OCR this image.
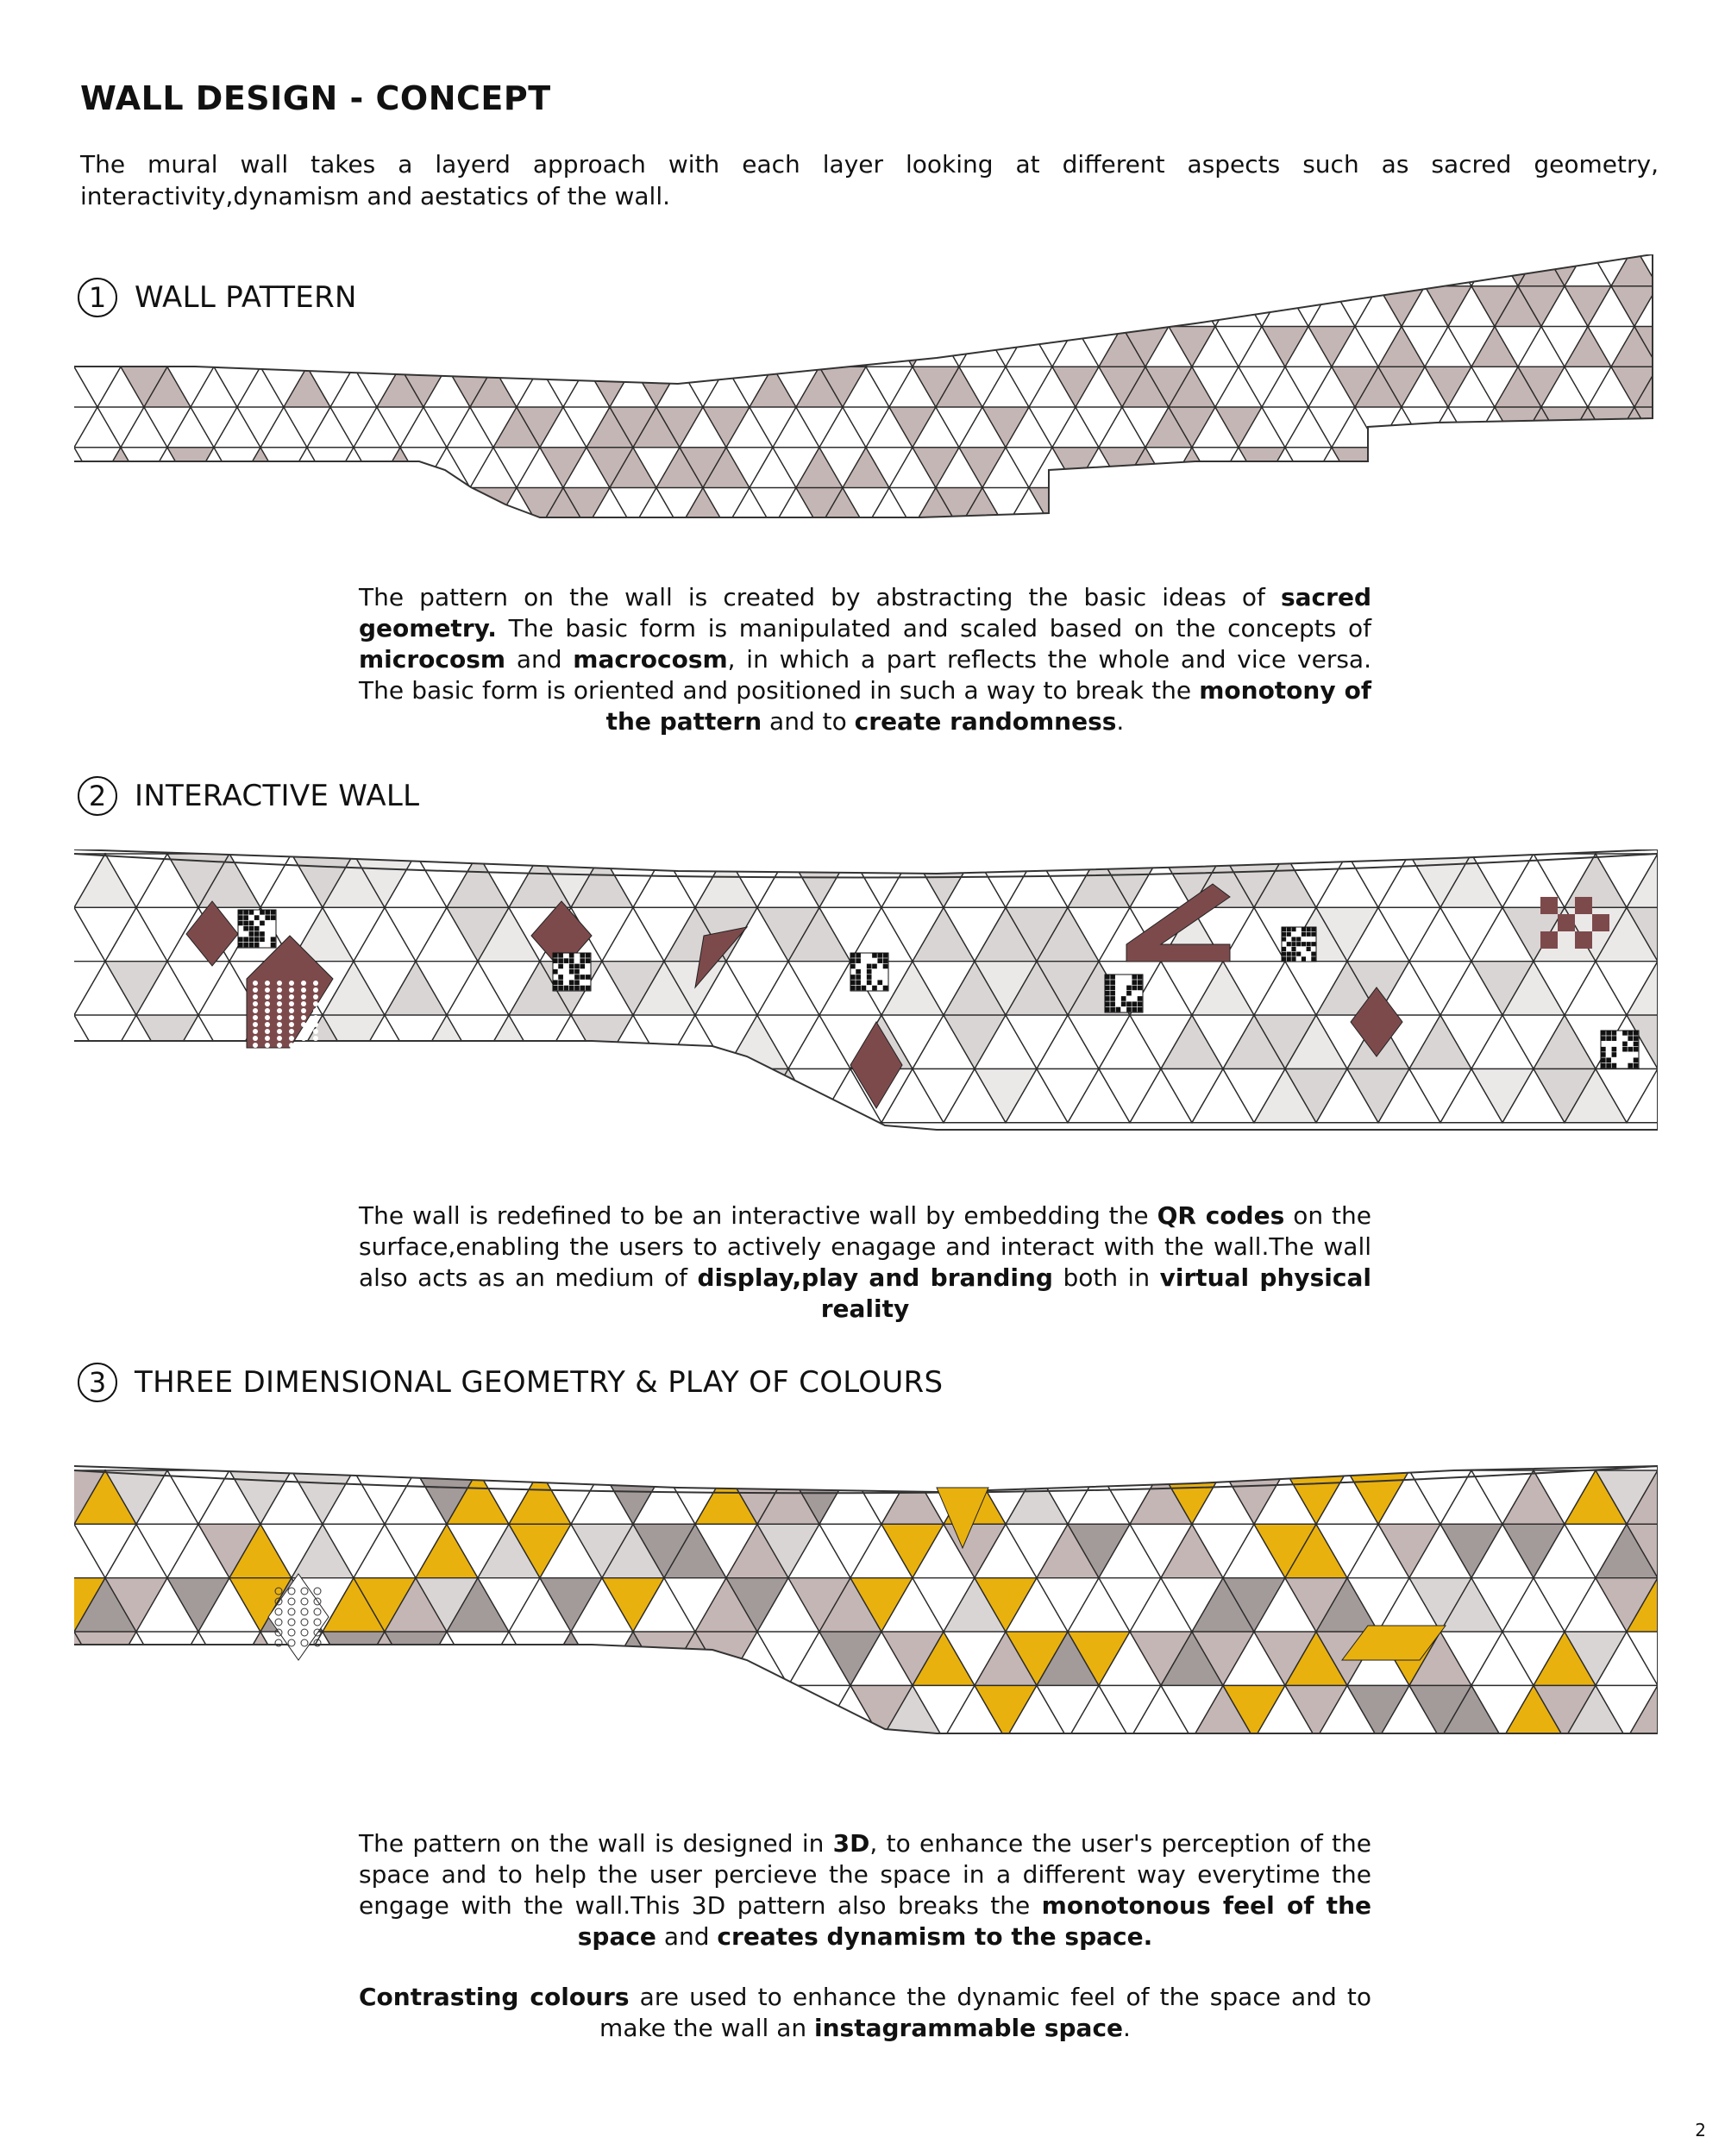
WALL DESIGN - CONCEPT

The mural wall takes a layerd approach with each layer looking at different aspects such as sacred geometry, interactivity,dynamism and aestatics of the wall.

1 WALL PATTERN

The pattern on the wall is created by abstracting the basic ideas of sacred geometry. The basic form is manipulated and scaled based on the concepts of microcosm and macrocosm, in which a part reflects the whole and vice versa. The basic form is oriented and positioned in such a way to break the monotony of the pattern and to create randomness.

2 INTERACTIVE WALL

The wall is redefined to be an interactive wall by embedding the QR codes on the surface,enabling the users to actively enagage and interact with the wall.The wall also acts as an medium of display,play and branding both in virtual physical reality

3 THREE DIMENSIONAL GEOMETRY & PLAY OF COLOURS

The pattern on the wall is designed in 3D, to enhance the user's perception of the space and to help the user percieve the space in a different way everytime the engage with the wall.This 3D pattern also breaks the monotonous feel of the space and creates dynamism to the space.

Contrasting colours are used to enhance the dynamic feel of the space and to make the wall an instagrammable space.

2
